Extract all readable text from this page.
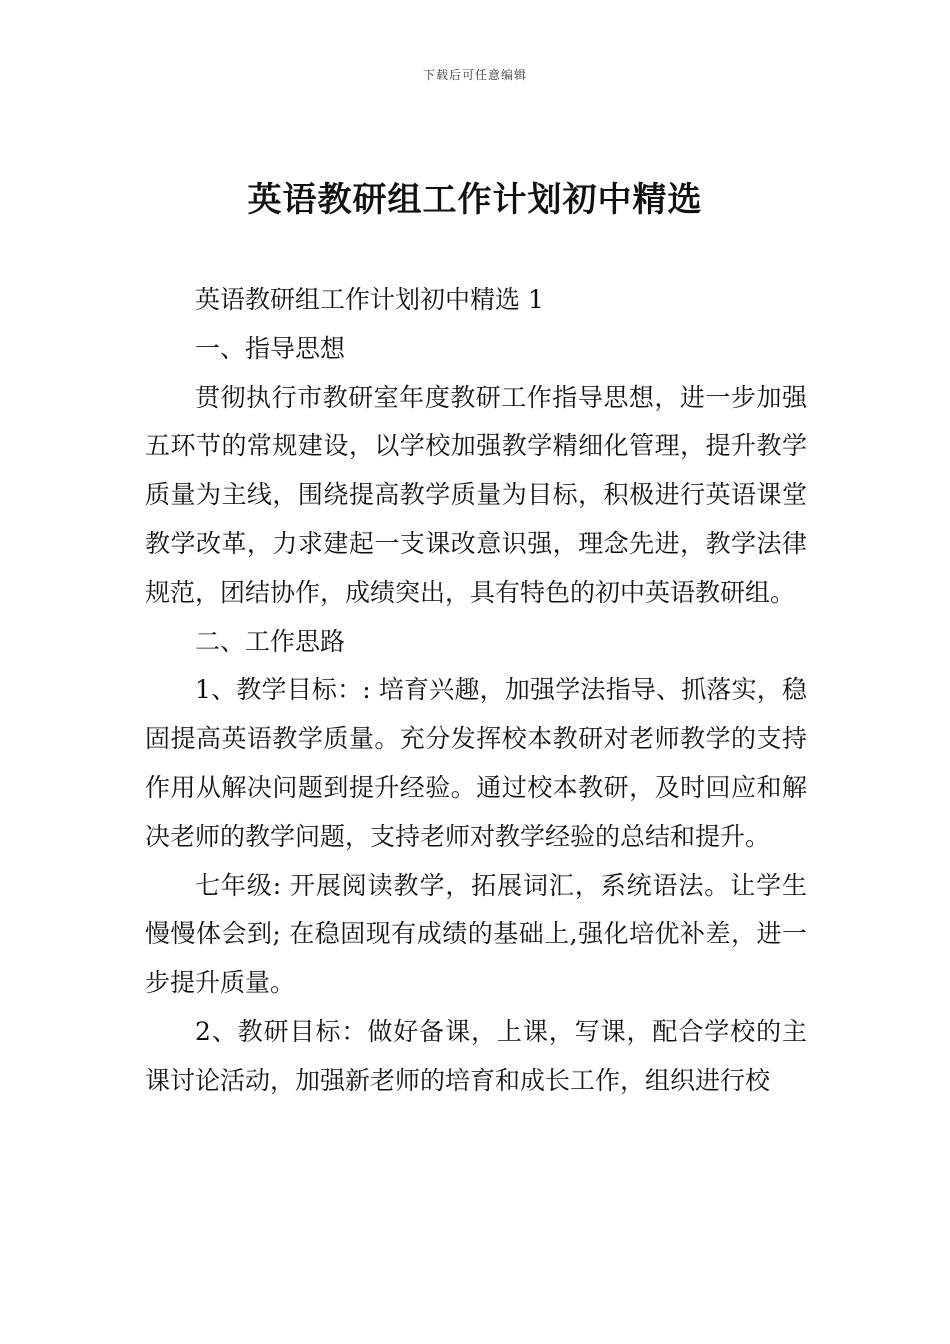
下载后可任意编辑
英语教研组工作计划初中精选

英语教研组工作计划初中精选 1

一、指导思想

贯彻执行市教研室年度教研工作指导思想，进一步加强五环节的常规建设，以学校加强教学精细化管理，提升教学质量为主线，围绕提高教学质量为目标，积极进行英语课堂教学改革，力求建起一支课改意识强，理念先进，教学法律规范，团结协作，成绩突出，具有特色的初中英语教研组。

二、工作思路

1、教学目标：: 培育兴趣，加强学法指导、抓落实，稳固提高英语教学质量。充分发挥校本教研对老师教学的支持作用从解决问题到提升经验。通过校本教研，及时回应和解决老师的教学问题，支持老师对教学经验的总结和提升。

七年级: 开展阅读教学，拓展词汇，系统语法。让学生慢慢体会到; 在稳固现有成绩的基础上,强化培优补差，进一步提升质量。

2、教研目标：做好备课，上课，写课，配合学校的主课讨论活动，加强新老师的培育和成长工作，组织进行校
